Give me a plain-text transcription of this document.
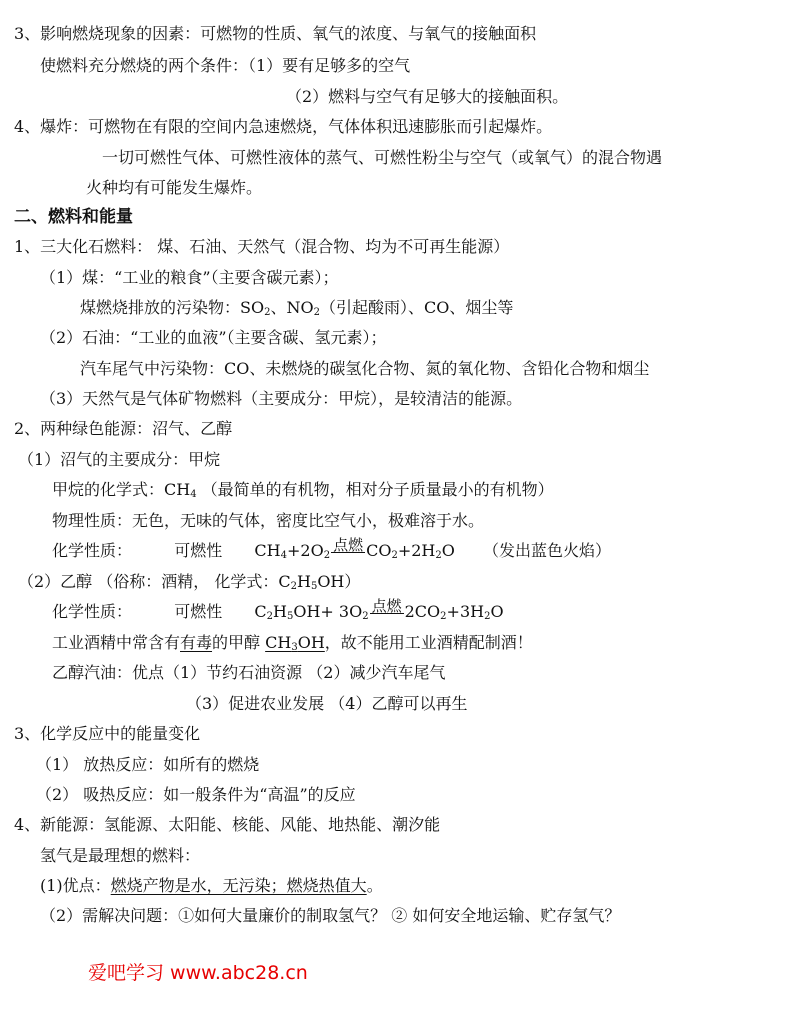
3、影响燃烧现象的因素：可燃物的性质、氧气的浓度、与氧气的接触面积
使燃料充分燃烧的两个条件：（1）要有足够多的空气
（2）燃料与空气有足够大的接触面积。
4、爆炸：可燃物在有限的空间内急速燃烧，气体体积迅速膨胀而引起爆炸。
一切可燃性气体、可燃性液体的蒸气、可燃性粉尘与空气（或氧气）的混合物遇
火种均有可能发生爆炸。
二、燃料和能量
1、三大化石燃料： 煤、石油、天然气（混合物、均为不可再生能源）
（1）煤：“工业的粮食”（主要含碳元素）；
煤燃烧排放的污染物：$SO_2$、$NO_2$（引起酸雨）、CO、烟尘等
（2）石油：“工业的血液”（主要含碳、氢元素）；
汽车尾气中污染物：CO、未燃烧的碳氢化合物、氮的氧化物、含铅化合物和烟尘
（3）天然气是气体矿物燃料（主要成分：甲烷），是较清洁的能源。
2、两种绿色能源：沼气、乙醇
（1）沼气的主要成分：甲烷
甲烷的化学式：$CH_4$ （最简单的有机物，相对分子质量最小的有机物）
物理性质：无色，无味的气体，密度比空气小，极难溶于水。
化学性质：	可燃性 $CH_4+2O_2$点燃 $CO_2+2H_2O$ （发出蓝色火焰）
（2）乙醇 （俗称：酒精， 化学式：$C_2H_5OH$）
化学性质：	可燃性 $C_2H_5OH+ 3O_2$点燃 $2CO_2+3H_2O$
工业酒精中常含有有毒的甲醇 $CH_3OH$，故不能用工业酒精配制酒！
乙醇汽油：优点（1）节约石油资源 （2）减少汽车尾气
（3）促进农业发展 （4）乙醇可以再生
3、化学反应中的能量变化
（1） 放热反应：如所有的燃烧
（2） 吸热反应：如一般条件为“高温”的反应
4、新能源：氢能源、太阳能、核能、风能、地热能、潮汐能
氢气是最理想的燃料：
(1)优点：燃烧产物是水，无污染；燃烧热值大。
（2）需解决问题：①如何大量廉价的制取氢气？ ② 如何安全地运输、贮存氢气？
爱吧学习 www.abc28.cn
